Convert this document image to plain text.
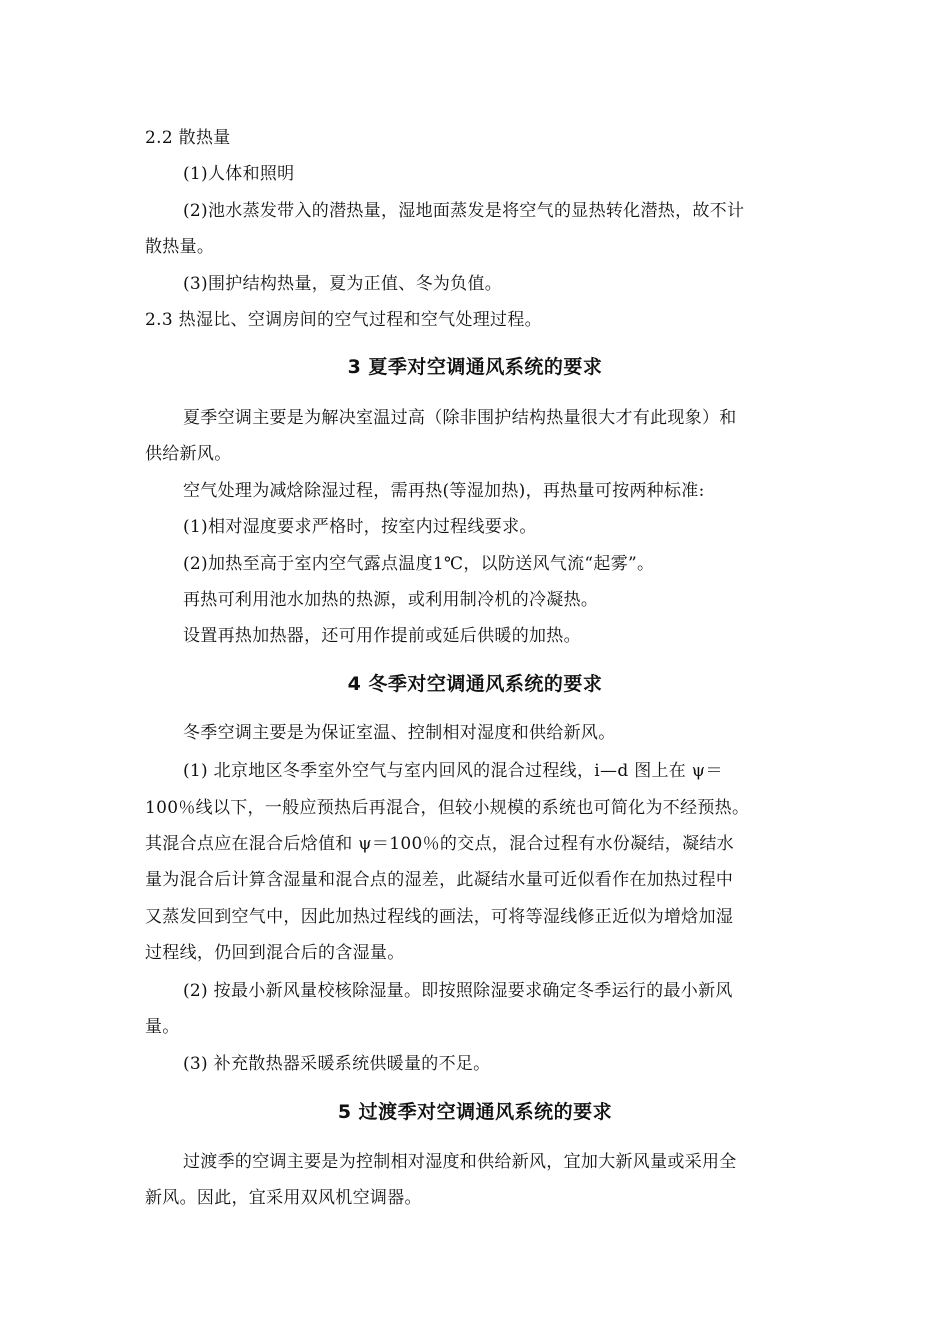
2.2 散热量
(1)人体和照明
(2)池水蒸发带入的潜热量，湿地面蒸发是将空气的显热转化潜热，故不计
散热量。
(3)围护结构热量，夏为正值、冬为负值。
2.3 热湿比、空调房间的空气过程和空气处理过程。
3 夏季对空调通风系统的要求
夏季空调主要是为解决室温过高（除非围护结构热量很大才有此现象）和
供给新风。
空气处理为减焓除湿过程，需再热(等湿加热)，再热量可按两种标准:
(1)相对湿度要求严格时，按室内过程线要求。
(2)加热至高于室内空气露点温度1℃，以防送风气流“起雾”。
再热可利用池水加热的热源，或利用制冷机的冷凝热。
设置再热加热器，还可用作提前或延后供暖的加热。
4 冬季对空调通风系统的要求
冬季空调主要是为保证室温、控制相对湿度和供给新风。
(1) 北京地区冬季室外空气与室内回风的混合过程线，i—d 图上在 ψ＝
100％线以下，一般应预热后再混合，但较小规模的系统也可简化为不经预热。
其混合点应在混合后焓值和 ψ＝100％的交点，混合过程有水份凝结，凝结水
量为混合后计算含湿量和混合点的湿差，此凝结水量可近似看作在加热过程中
又蒸发回到空气中，因此加热过程线的画法，可将等湿线修正近似为增焓加湿
过程线，仍回到混合后的含湿量。
(2) 按最小新风量校核除湿量。即按照除湿要求确定冬季运行的最小新风
量。
(3) 补充散热器采暖系统供暖量的不足。
5 过渡季对空调通风系统的要求
过渡季的空调主要是为控制相对湿度和供给新风，宜加大新风量或采用全
新风。因此，宜采用双风机空调器。
